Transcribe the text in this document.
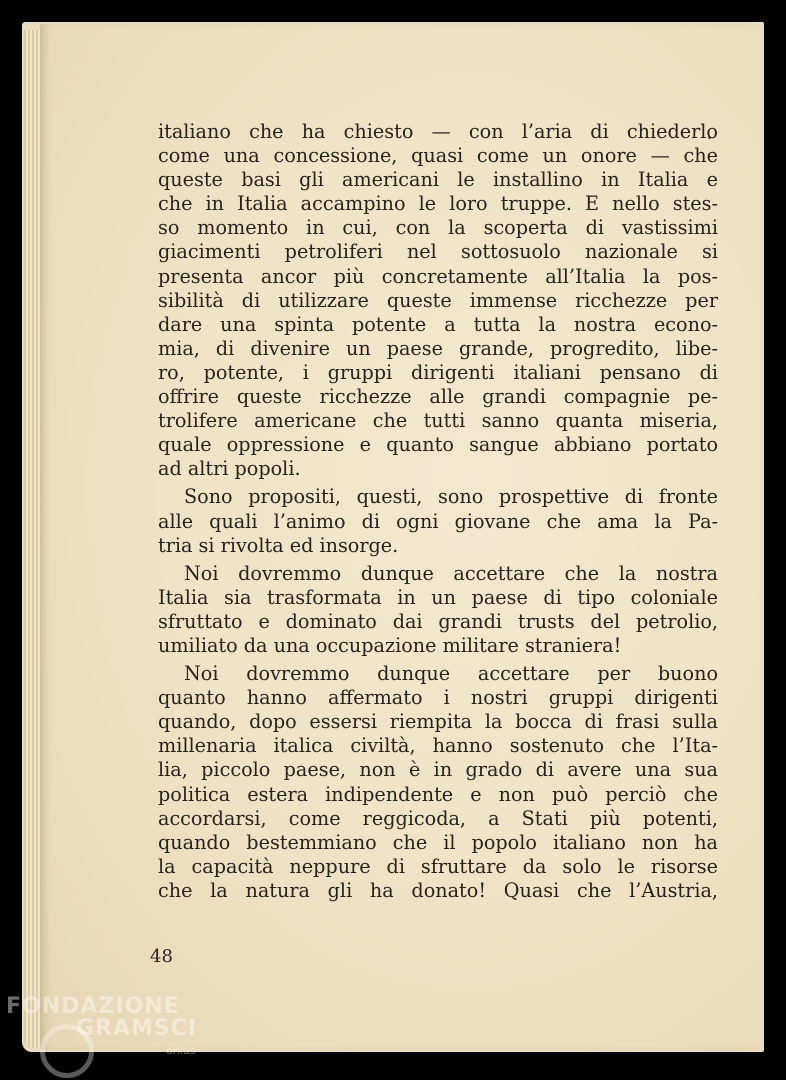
italiano che ha chiesto — con l’aria di chiederlo
come una concessione, quasi come un onore — che
queste basi gli americani le installino in Italia e
che in Italia accampino le loro truppe. E nello stes-
so momento in cui, con la scoperta di vastissimi
giacimenti petroliferi nel sottosuolo nazionale si
presenta ancor più concretamente all’Italia la pos-
sibilità di utilizzare queste immense ricchezze per
dare una spinta potente a tutta la nostra econo-
mia, di divenire un paese grande, progredito, libe-
ro, potente, i gruppi dirigenti italiani pensano di
offrire queste ricchezze alle grandi compagnie pe-
trolifere americane che tutti sanno quanta miseria,
quale oppressione e quanto sangue abbiano portato
ad altri popoli.
Sono propositi, questi, sono prospettive di fronte
alle quali l’animo di ogni giovane che ama la Pa-
tria si rivolta ed insorge.
Noi dovremmo dunque accettare che la nostra
Italia sia trasformata in un paese di tipo coloniale
sfruttato e dominato dai grandi trusts del petrolio,
umiliato da una occupazione militare straniera!
Noi dovremmo dunque accettare per buono
quanto hanno affermato i nostri gruppi dirigenti
quando, dopo essersi riempita la bocca di frasi sulla
millenaria italica civiltà, hanno sostenuto che l’Ita-
lia, piccolo paese, non è in grado di avere una sua
politica estera indipendente e non può perciò che
accordarsi, come reggicoda, a Stati più potenti,
quando bestemmiano che il popolo italiano non ha
la capacità neppure di sfruttare da solo le risorse
che la natura gli ha donato! Quasi che l’Austria,
48
FONDAZIONE
GRAMSCI
onlus
